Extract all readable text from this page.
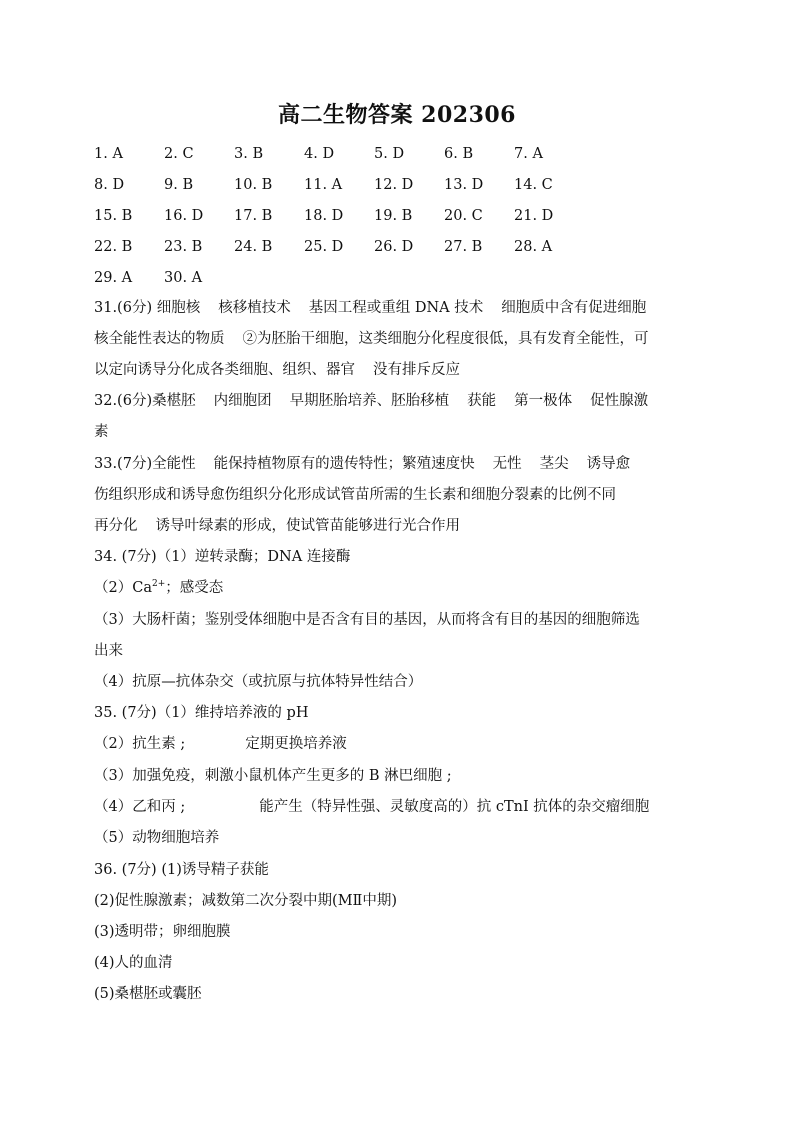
高二生物答案 202306
1. A	2. C	3. B	4. D	5. D	6. B	7. A
8. D	9. B	10. B 11. A 12. D 13. D 14. C
15. B 16. D 17. B 18. D 19. B 20. C 21. D
22. B 23. B 24. B 25. D 26. D 27. B 28. A
29. A 30. A
31.(6分) 细胞核 核移植技术 基因工程或重组 DNA 技术 细胞质中含有促进细胞
核全能性表达的物质 ②为胚胎干细胞，这类细胞分化程度很低，具有发育全能性，可
以定向诱导分化成各类细胞、组织、器官 没有排斥反应
32.(6分)桑椹胚 内细胞团 早期胚胎培养、胚胎移植 获能 第一极体 促性腺激
素
33.(7分)全能性 能保持植物原有的遗传特性；繁殖速度快 无性 茎尖 诱导愈
伤组织形成和诱导愈伤组织分化形成试管苗所需的生长素和细胞分裂素的比例不同
再分化 诱导叶绿素的形成，使试管苗能够进行光合作用
34. (7分)（1）逆转录酶；DNA 连接酶
$(2)Ca^{2+}$；感受态
（3）大肠杆菌；鉴别受体细胞中是否含有目的基因，从而将含有目的基因的细胞筛选
出来
（4）抗原—抗体杂交（或抗原与抗体特异性结合）
35. (7分)（1）维持培养液的 pH
（2）抗生素 ;	定期更换培养液
（3）加强免疫，刺激小鼠机体产生更多的 B 淋巴细胞 ;
（4）乙和丙 ;	能产生（特异性强、灵敏度高的）抗 cTnI 抗体的杂交瘤细胞
（5）动物细胞培养
36. (7分) (1)诱导精子获能
(2)促性腺激素；减数第二次分裂中期(MⅡ中期)
(3)透明带；卵细胞膜
(4)人的血清
(5)桑椹胚或囊胚
